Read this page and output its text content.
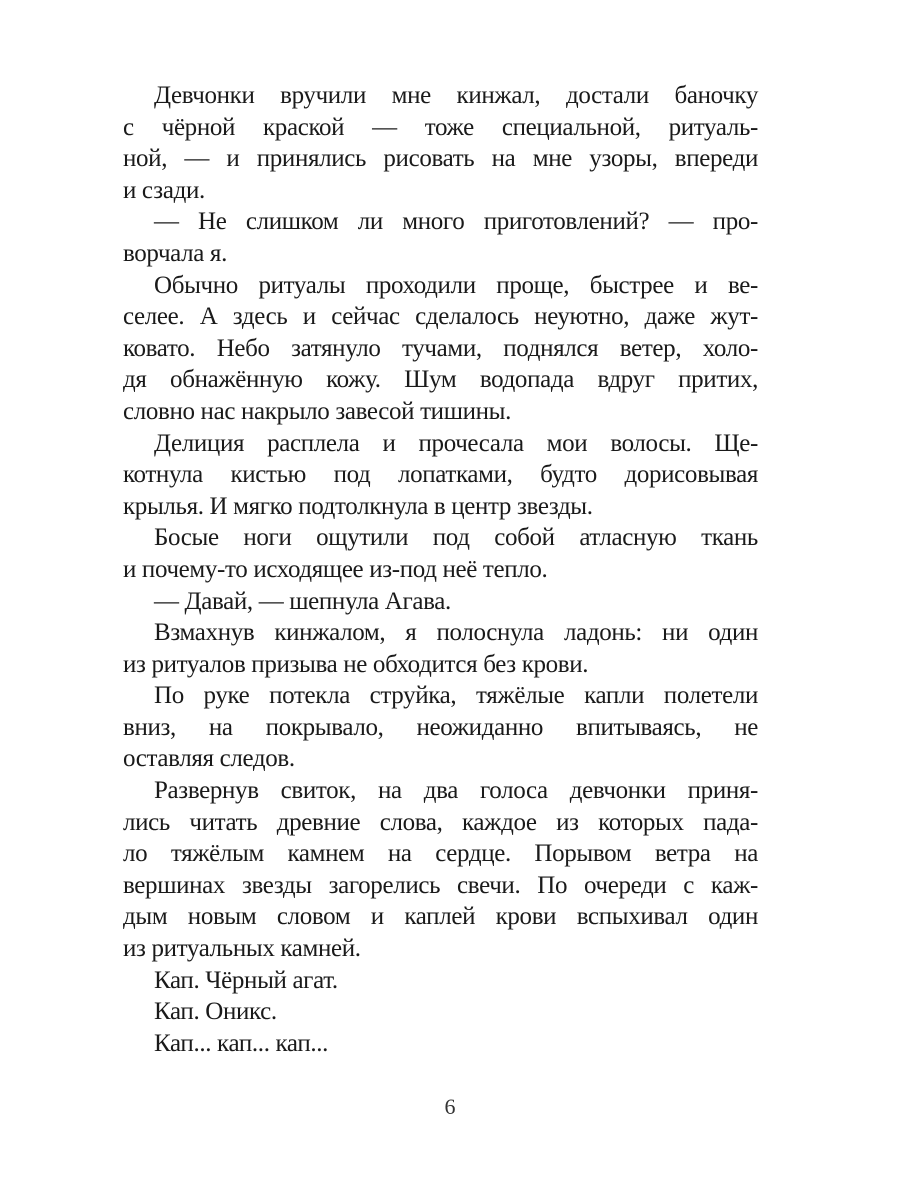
Девчонки вручили мне кинжал, достали баночку
с чёрной краской — тоже специальной, ритуаль-
ной, — и принялись рисовать на мне узоры, впереди
и сзади.
— Не слишком ли много приготовлений? — про-
ворчала я.
Обычно ритуалы проходили проще, быстрее и ве-
селее. А здесь и сейчас сделалось неуютно, даже жут-
ковато. Небо затянуло тучами, поднялся ветер, холо-
дя обнажённую кожу. Шум водопада вдруг притих,
словно нас накрыло завесой тишины.
Делиция расплела и прочесала мои волосы. Ще-
котнула кистью под лопатками, будто дорисовывая
крылья. И мягко подтолкнула в центр звезды.
Босые ноги ощутили под собой атласную ткань
и почему-то исходящее из-под неё тепло.
— Давай, — шепнула Агава.
Взмахнув кинжалом, я полоснула ладонь: ни один
из ритуалов призыва не обходится без крови.
По руке потекла струйка, тяжёлые капли полетели
вниз, на покрывало, неожиданно впитываясь, не
оставляя следов.
Развернув свиток, на два голоса девчонки приня-
лись читать древние слова, каждое из которых пада-
ло тяжёлым камнем на сердце. Порывом ветра на
вершинах звезды загорелись свечи. По очереди с каж-
дым новым словом и каплей крови вспыхивал один
из ритуальных камней.
Кап. Чёрный агат.
Кап. Оникс.
Кап... кап... кап...
6
